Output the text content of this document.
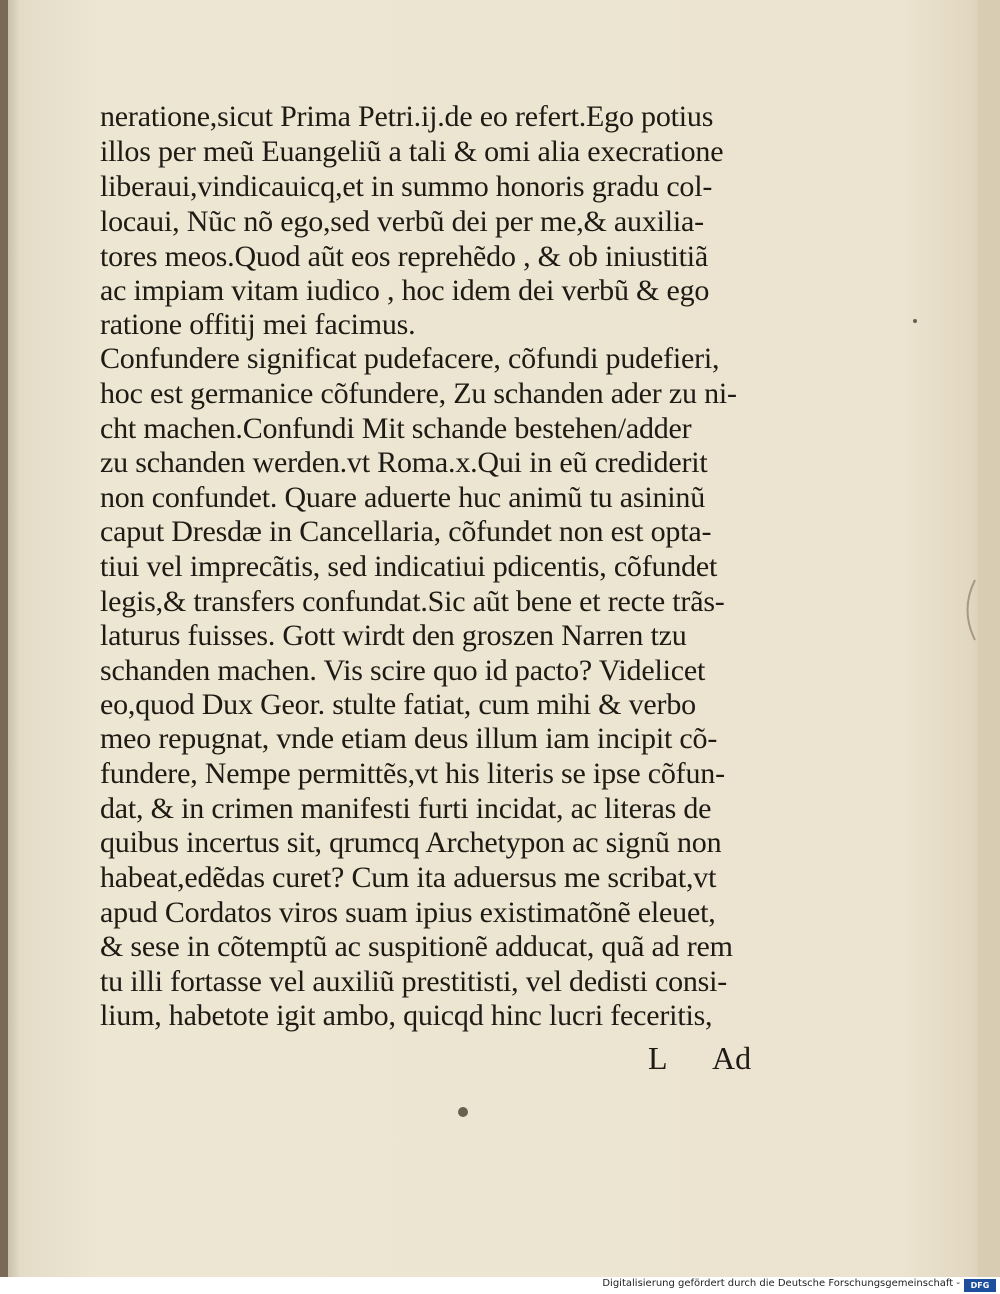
neratione,sicut Prima Petri.ij.de eo refert.Ego potius
illos per meũ Euangeliũ a tali & omi alia execratione
liberaui,vindicauicq,et in summo honoris gradu col-
locaui, Nũc nõ ego,sed verbũ dei per me,& auxilia-
tores meos.Quod aũt eos reprehẽdo , & ob iniustitiã
ac impiam vitam iudico , hoc idem dei verbũ & ego
ratione offitij mei facimus.
Confundere significat pudefacere, cõfundi pudefieri,
hoc est germanice cõfundere, Zu schanden ader zu ni-
cht machen.Confundi Mit schande bestehen/adder
zu schanden werden.vt Roma.x.Qui in eũ crediderit
non confundet. Quare aduerte huc animũ tu asininũ
caput Dresdæ in Cancellaria, cõfundet non est opta-
tiui vel imprecãtis, sed indicatiui pdicentis, cõfundet
legis,& transfers confundat.Sic aũt bene et recte trãs-
laturus fuisses. Gott wirdt den groszen Narren tzu
schanden machen. Vis scire quo id pacto? Videlicet
eo,quod Dux Geor. stulte fatiat, cum mihi & verbo
meo repugnat, vnde etiam deus illum iam incipit cõ-
fundere, Nempe permittẽs,vt his literis se ipse cõfun-
dat, & in crimen manifesti furti incidat, ac literas de
quibus incertus sit, qrumcq Archetypon ac signũ non
habeat,edẽdas curet? Cum ita aduersus me scribat,vt
apud Cordatos viros suam ipius existimatõnẽ eleuet,
& sese in cõtemptũ ac suspitionẽ adducat, quã ad rem
tu illi fortasse vel auxiliũ prestitisti, vel dedisti consi-
lium, habetote igit ambo, quicqd hinc lucri feceritis,
L Ad
Digitalisierung gefördert durch die Deutsche Forschungsgemeinschaft -	DFG
